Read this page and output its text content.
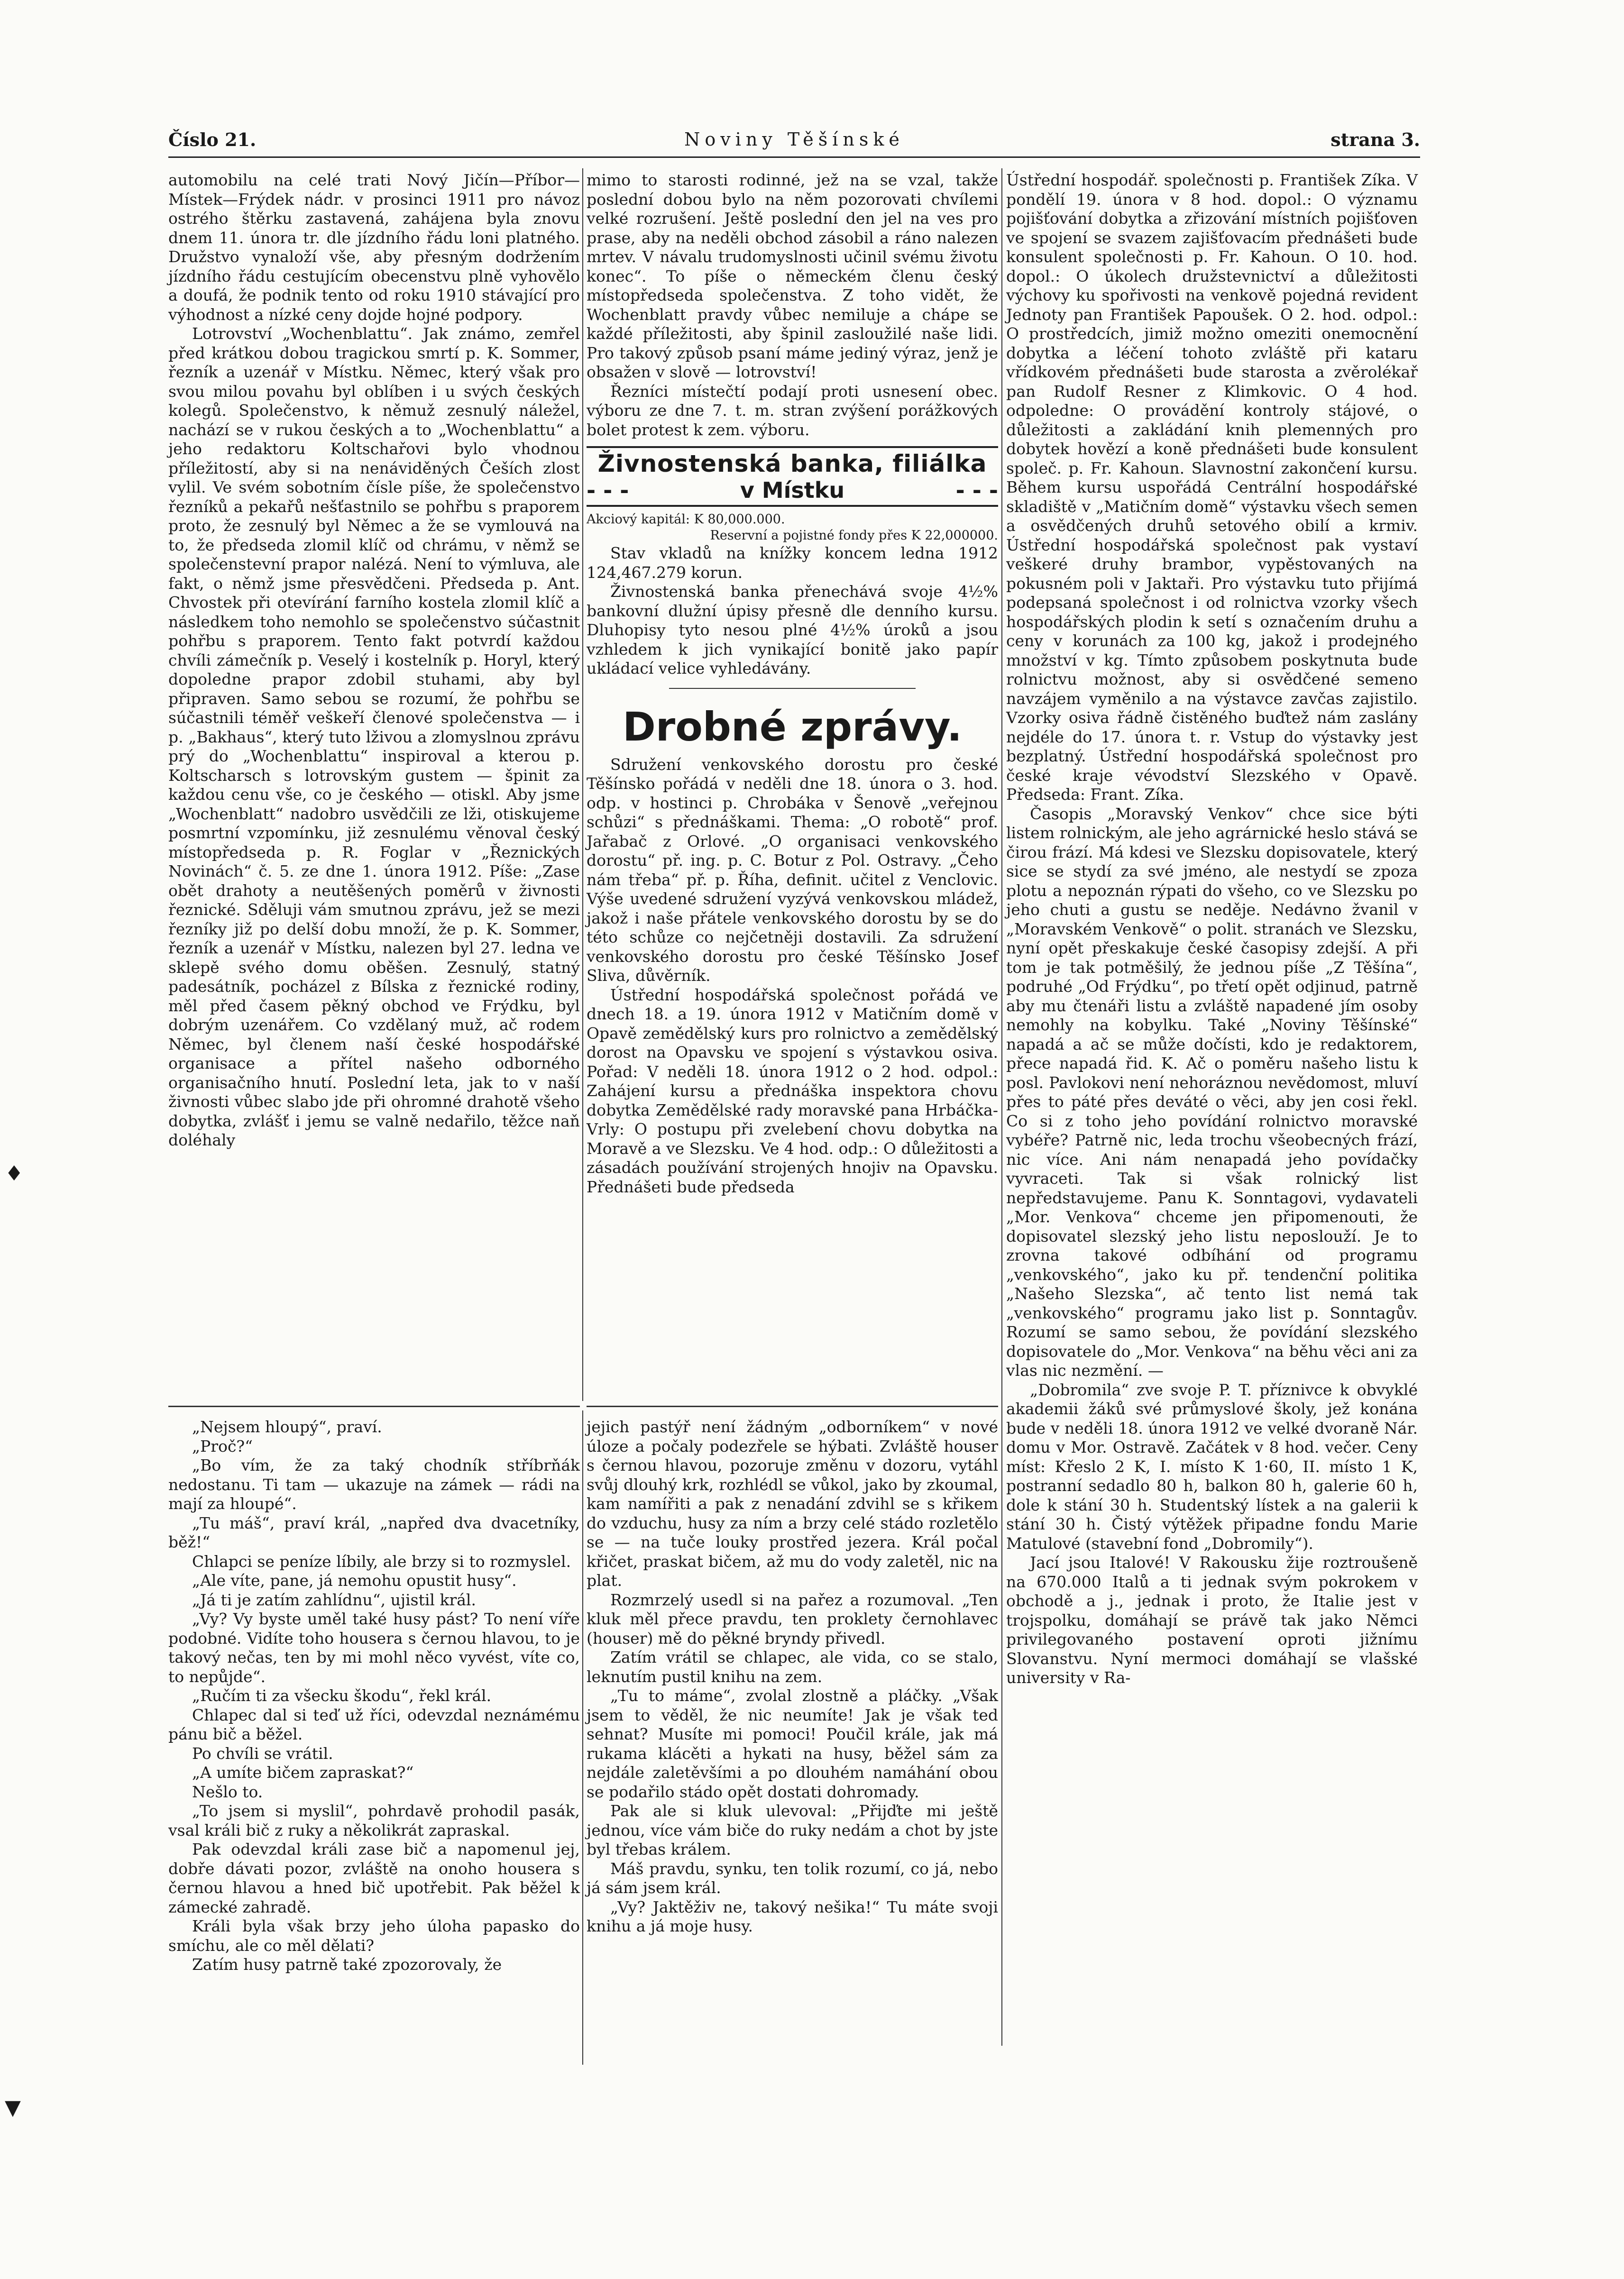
Číslo 21.	Noviny Těšínské	strana 3.

automobilu na celé trati Nový Jičín—Příbor—Místek—Frýdek nádr. v prosinci 1911 pro návoz ostrého štěrku zastavená, zahájena byla znovu dnem 11. února tr. dle jízdního řádu loni platného. Družstvo vynaloží vše, aby přesným dodržením jízdního řádu cestujícím obecenstvu plně vyhovělo a doufá, že podnik tento od roku 1910 stávající pro výhodnost a nízké ceny dojde hojné podpory.

Lotrovství „Wochenblattu“. Jak známo, zemřel před krátkou dobou tragickou smrtí p. K. Sommer, řezník a uzenář v Místku. Němec, který však pro svou milou povahu byl oblíben i u svých českých kolegů. Společenstvo, k němuž zesnulý náležel, nachází se v rukou českých a to „Wochenblattu“ a jeho redaktoru Koltschařovi bylo vhodnou příležitostí, aby si na nenáviděných Češích zlost vylil. Ve svém sobotním čísle píše, že společenstvo řezníků a pekařů nešťastnilo se pohřbu s praporem proto, že zesnulý byl Němec a že se vymlouvá na to, že předseda zlomil klíč od chrámu, v němž se společenstevní prapor nalézá. Není to výmluva, ale fakt, o němž jsme přesvědčeni. Předseda p. Ant. Chvostek při otevírání farního kostela zlomil klíč a následkem toho nemohlo se společenstvo súčastnit pohřbu s praporem. Tento fakt potvrdí každou chvíli zámečník p. Veselý i kostelník p. Horyl, který dopoledne prapor zdobil stuhami, aby byl připraven. Samo sebou se rozumí, že pohřbu se súčastnili téměř veškeří členové společenstva — i p. „Bakhaus“, který tuto lživou a zlomyslnou zprávu prý do „Wochenblattu“ inspiroval a kterou p. Koltscharsch s lotrovským gustem — špinit za každou cenu vše, co je českého — otiskl. Aby jsme „Wochenblatt“ nadobro usvědčili ze lži, otiskujeme posmrtní vzpomínku, již zesnulému věnoval český místopředseda p. R. Foglar v „Řeznických Novinách“ č. 5. ze dne 1. února 1912. Píše: „Zase obět drahoty a neutěšených poměrů v živnosti řeznické. Sděluji vám smutnou zprávu, jež se mezi řezníky již po delší dobu množí, že p. K. Sommer, řezník a uzenář v Místku, nalezen byl 27. ledna ve sklepě svého domu oběšen. Zesnulý, statný padesátník, pocházel z Bílska z řeznické rodiny, měl před časem pěkný obchod ve Frýdku, byl dobrým uzenářem. Co vzdělaný muž, ač rodem Němec, byl členem naší české hospodářské organisace a přítel našeho odborného organisačního hnutí. Poslední leta, jak to v naší živnosti vůbec slabo jde při ohromné drahotě všeho dobytka, zvlášť i jemu se valně nedařilo, těžce naň doléhaly

mimo to starosti rodinné, jež na se vzal, takže poslední dobou bylo na něm pozorovati chvílemi velké rozrušení. Ještě poslední den jel na ves pro prase, aby na neděli obchod zásobil a ráno nalezen mrtev. V návalu trudomyslnosti učinil svému životu konec“. To píše o německém členu český místopředseda společenstva. Z toho vidět, že Wochenblatt pravdy vůbec nemiluje a chápe se každé příležitosti, aby špinil zasloužilé naše lidi. Pro takový způsob psaní máme jediný výraz, jenž je obsažen v slově — lotrovství!

Řezníci místečtí podají proti usnesení obec. výboru ze dne 7. t. m. stran zvýšení porážkových bolet protest k zem. výboru.

Živnostenská banka, filiálka
- - -	v Místku	- - -
Akciový kapitál: K 80,000.000.
Reservní a pojistné fondy přes K 22,000000.

Stav vkladů na knížky koncem ledna 1912 124,467.279 korun.

Živnostenská banka přenechává svoje 4½% bankovní dlužní úpisy přesně dle denního kursu. Dluhopisy tyto nesou plné 4½% úroků a jsou vzhledem k jich vynikající bonitě jako papír ukládací velice vyhledávány.

Drobné zprávy.

Sdružení venkovského dorostu pro české Těšínsko pořádá v neděli dne 18. února o 3. hod. odp. v hostinci p. Chrobáka v Šenově „veřejnou schůzi“ s přednáškami. Thema: „O robotě“ prof. Jařabač z Orlové. „O organisaci venkovského dorostu“ př. ing. p. C. Botur z Pol. Ostravy. „Čeho nám třeba“ př. p. Říha, definit. učitel z Venclovic. Výše uvedené sdružení vyzývá venkovskou mládež, jakož i naše přátele venkovského dorostu by se do této schůze co nejčetněji dostavili. Za sdružení venkovského dorostu pro české Těšínsko Josef Sliva, důvěrník.

Ústřední hospodářská společnost pořádá ve dnech 18. a 19. února 1912 v Matičním domě v Opavě zemědělský kurs pro rolnictvo a zemědělský dorost na Opavsku ve spojení s výstavkou osiva. Pořad: V neděli 18. února 1912 o 2 hod. odpol.: Zahájení kursu a přednáška inspektora chovu dobytka Zemědělské rady moravské pana Hrbáčka-Vrly: O postupu při zvelebení chovu dobytka na Moravě a ve Slezsku. Ve 4 hod. odp.: O důležitosti a zásadách používání strojených hnojiv na Opavsku. Přednášeti bude předseda

Ústřední hospodář. společnosti p. František Zíka. V pondělí 19. února v 8 hod. dopol.: O významu pojišťování dobytka a zřizování místních pojišťoven ve spojení se svazem zajišťovacím přednášeti bude konsulent společnosti p. Fr. Kahoun. O 10. hod. dopol.: O úkolech družstevnictví a důležitosti výchovy ku spořivosti na venkově pojedná revident Jednoty pan František Papoušek. O 2. hod. odpol.: O prostředcích, jimiž možno omeziti onemocnění dobytka a léčení tohoto zvláště při kataru vřídkovém přednášeti bude starosta a zvěrolékař pan Rudolf Resner z Klimkovic. O 4 hod. odpoledne: O provádění kontroly stájové, o důležitosti a zakládání knih plemenných pro dobytek hovězí a koně přednášeti bude konsulent společ. p. Fr. Kahoun. Slavnostní zakončení kursu. Během kursu uspořádá Centrální hospodářské skladiště v „Matičním domě“ výstavku všech semen a osvědčených druhů setového obilí a krmiv. Ústřední hospodářská společnost pak vystaví veškeré druhy brambor, vypěstovaných na pokusném poli v Jaktaři. Pro výstavku tuto přijímá podepsaná společnost i od rolnictva vzorky všech hospodářských plodin k setí s označením druhu a ceny v korunách za 100 kg, jakož i prodejného množství v kg. Tímto způsobem poskytnuta bude rolnictvu možnost, aby si osvědčené semeno navzájem vyměnilo a na výstavce zavčas zajistilo. Vzorky osiva řádně čistěného buďtež nám zaslány nejdéle do 17. února t. r. Vstup do výstavky jest bezplatný. Ústřední hospodářská společnost pro české kraje vévodství Slezského v Opavě. Předseda: Frant. Zíka.

Časopis „Moravský Venkov“ chce sice býti listem rolnickým, ale jeho agrárnické heslo stává se čirou frází. Má kdesi ve Slezsku dopisovatele, který sice se stydí za své jméno, ale nestydí se zpoza plotu a nepoznán rýpati do všeho, co ve Slezsku po jeho chuti a gustu se neděje. Nedávno žvanil v „Moravském Venkově“ o polit. stranách ve Slezsku, nyní opět přeskakuje české časopisy zdejší. A při tom je tak potměšilý, že jednou píše „Z Těšína“, podruhé „Od Frýdku“, po třetí opět odjinud, patrně aby mu čtenáři listu a zvláště napadené jím osoby nemohly na kobylku. Také „Noviny Těšínské“ napadá a ač se může dočísti, kdo je redaktorem, přece napadá řid. K. Ač o poměru našeho listu k posl. Pavlokovi není nehoráznou nevědomost, mluví přes to páté přes deváté o věci, aby jen cosi řekl. Co si z toho jeho povídání rolnictvo moravské vybéře? Patrně nic, leda trochu všeobecných frází, nic více. Ani nám nenapadá jeho povídačky vyvraceti. Tak si však rolnický list nepředstavujeme. Panu K. Sonntagovi, vydavateli „Mor. Venkova“ chceme jen připomenouti, že dopisovatel slezský jeho listu neposlouží. Je to zrovna takové odbíhání od programu „venkovského“, jako ku př. tendenční politika „Našeho Slezska“, ač tento list nemá tak „venkovského“ programu jako list p. Sonntagův. Rozumí se samo sebou, že povídání slezského dopisovatele do „Mor. Venkova“ na běhu věci ani za vlas nic nezmění. —

„Dobromila“ zve svoje P. T. příznivce k obvyklé akademii žáků své průmyslové školy, jež konána bude v neděli 18. února 1912 ve velké dvoraně Nár. domu v Mor. Ostravě. Začátek v 8 hod. večer. Ceny míst: Křeslo 2 K, I. místo K 1·60, II. místo 1 K, postranní sedadlo 80 h, balkon 80 h, galerie 60 h, dole k stání 30 h. Studentský lístek a na galerii k stání 30 h. Čistý výtěžek připadne fondu Marie Matulové (stavební fond „Dobromily“).

Jací jsou Italové! V Rakousku žije roztroušeně na 670.000 Italů a ti jednak svým pokrokem v obchodě a j., jednak i proto, že Italie jest v trojspolku, domáhají se právě tak jako Němci privilegovaného postavení oproti jižnímu Slovanstvu. Nyní mermoci domáhají se vlašské university v Ra-

„Nejsem hloupý“, praví.

„Proč?“

„Bo vím, že za taký chodník stříbrňák nedostanu. Ti tam — ukazuje na zámek — rádi na mají za hloupé“.

„Tu máš“, praví král, „napřed dva dvacetníky, běž!“

Chlapci se peníze líbily, ale brzy si to rozmyslel.

„Ale víte, pane, já nemohu opustit husy“.

„Já ti je zatím zahlídnu“, ujistil král.

„Vy? Vy byste uměl také husy pást? To není víře podobné. Vidíte toho housera s černou hlavou, to je takový nečas, ten by mi mohl něco vyvést, víte co, to nepůjde“.

„Ručím ti za všecku škodu“, řekl král.

Chlapec dal si teď už říci, odevzdal neznámému pánu bič a běžel.

Po chvíli se vrátil.

„A umíte bičem zapraskat?“

Nešlo to.

„To jsem si myslil“, pohrdavě prohodil pasák, vsal králi bič z ruky a několikrát zapraskal.

Pak odevzdal králi zase bič a napomenul jej, dobře dávati pozor, zvláště na onoho housera s černou hlavou a hned bič upotřebit. Pak běžel k zámecké zahradě.

Králi byla však brzy jeho úloha papasko do smíchu, ale co měl dělati?

Zatím husy patrně také zpozorovaly, že

jejich pastýř není žádným „odborníkem“ v nové úloze a počaly podezřele se hýbati. Zvláště houser s černou hlavou, pozoruje změnu v dozoru, vytáhl svůj dlouhý krk, rozhlédl se vůkol, jako by zkoumal, kam namířiti a pak z nenadání zdvihl se s křikem do vzduchu, husy za ním a brzy celé stádo rozletělo se — na tuče louky prostřed jezera. Král počal křičet, praskat bičem, až mu do vody zaletěl, nic na plat.

Rozmrzelý usedl si na pařez a rozumoval. „Ten kluk měl přece pravdu, ten proklety černohlavec (houser) mě do pěkné bryndy přivedl.

Zatím vrátil se chlapec, ale vida, co se stalo, leknutím pustil knihu na zem.

„Tu to máme“, zvolal zlostně a pláčky. „Však jsem to věděl, že nic neumíte! Jak je však ted sehnat? Musíte mi pomoci! Poučil krále, jak má rukama klácěti a hykati na husy, běžel sám za nejdále zaletěvšími a po dlouhém namáhání obou se podařilo stádo opět dostati dohromady.

Pak ale si kluk ulevoval: „Přijďte mi ještě jednou, více vám biče do ruky nedám a chot by jste byl třebas králem.

Máš pravdu, synku, ten tolik rozumí, co já, nebo já sám jsem král.

„Vy? Jaktěživ ne, takový nešika!“ Tu máte svoji knihu a já moje husy.

♦
▼
